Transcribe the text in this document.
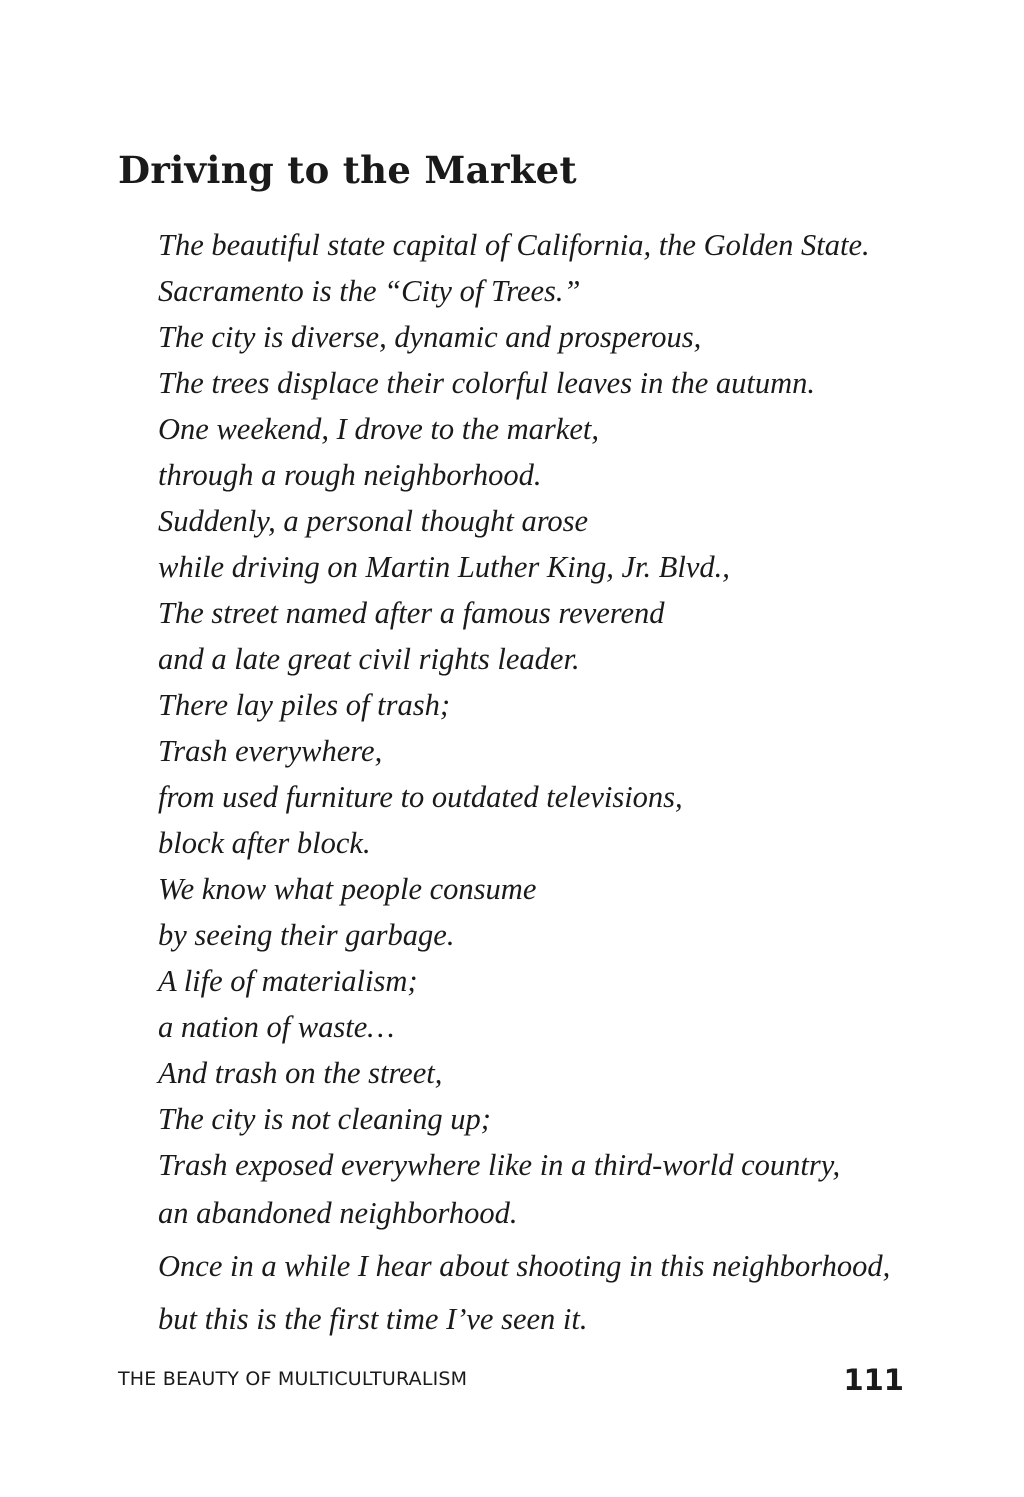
Driving to the Market
The beautiful state capital of California, the Golden State.
Sacramento is the “City of Trees.”
The city is diverse, dynamic and prosperous,
The trees displace their colorful leaves in the autumn.
One weekend, I drove to the market,
through a rough neighborhood.
Suddenly, a personal thought arose
while driving on Martin Luther King, Jr. Blvd.,
The street named after a famous reverend
and a late great civil rights leader.
There lay piles of trash;
Trash everywhere,
from used furniture to outdated televisions,
block after block.
We know what people consume
by seeing their garbage.
A life of materialism;
a nation of waste…
And trash on the street,
The city is not cleaning up;
Trash exposed everywhere like in a third-world country,
an abandoned neighborhood.
Once in a while I hear about shooting in this neighborhood,
but this is the first time I’ve seen it.
THE BEAUTY OF MULTICULTURALISM	111
